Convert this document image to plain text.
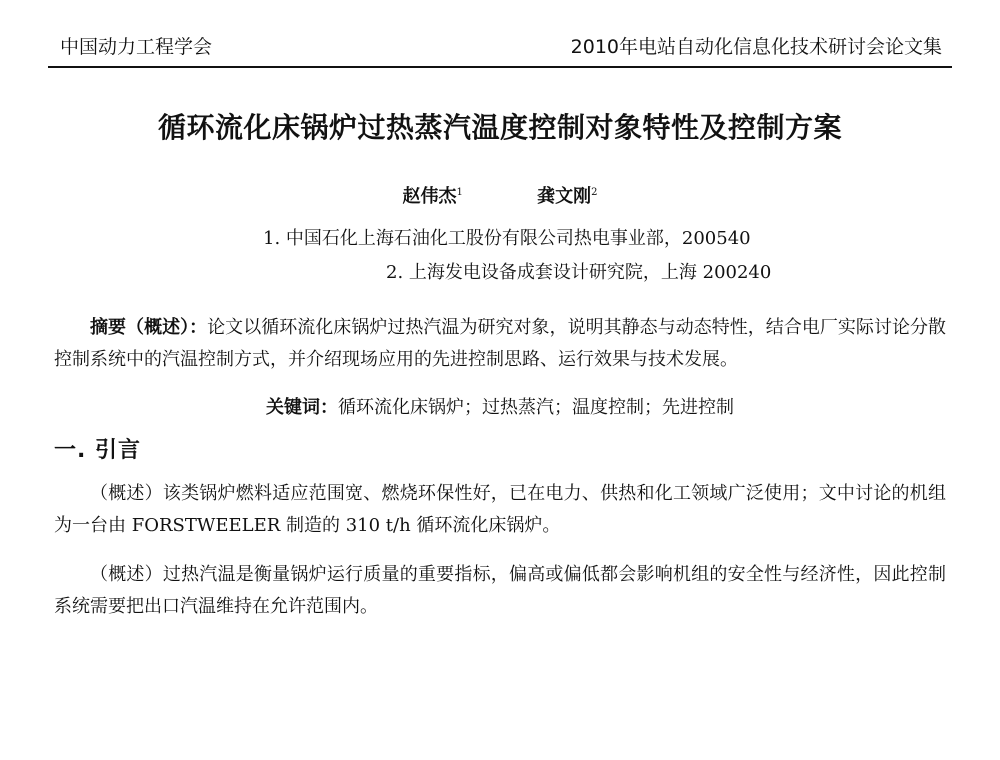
中国动力工程学会	2010年电站自动化信息化技术研讨会论文集
循环流化床锅炉过热蒸汽温度控制对象特性及控制方案
赵伟杰$^1$	龚文刚$^2$
1. 中国石化上海石油化工股份有限公司热电事业部，200540
2. 上海发电设备成套设计研究院，上海 200240

摘要（概述）：论文以循环流化床锅炉过热汽温为研究对象，说明其静态与动态特性，结合电厂实际讨论分散控制系统中的汽温控制方式，并介绍现场应用的先进控制思路、运行效果与技术发展。

关键词：循环流化床锅炉；过热蒸汽；温度控制；先进控制
一. 引言

（概述）该类锅炉燃料适应范围宽、燃烧环保性好，已在电力、供热和化工领域广泛使用；文中讨论的机组为一台由 FORSTWEELER 制造的 310 t/h 循环流化床锅炉。

（概述）过热汽温是衡量锅炉运行质量的重要指标，偏高或偏低都会影响机组的安全性与经济性，因此控制系统需要把出口汽温维持在允许范围内。
